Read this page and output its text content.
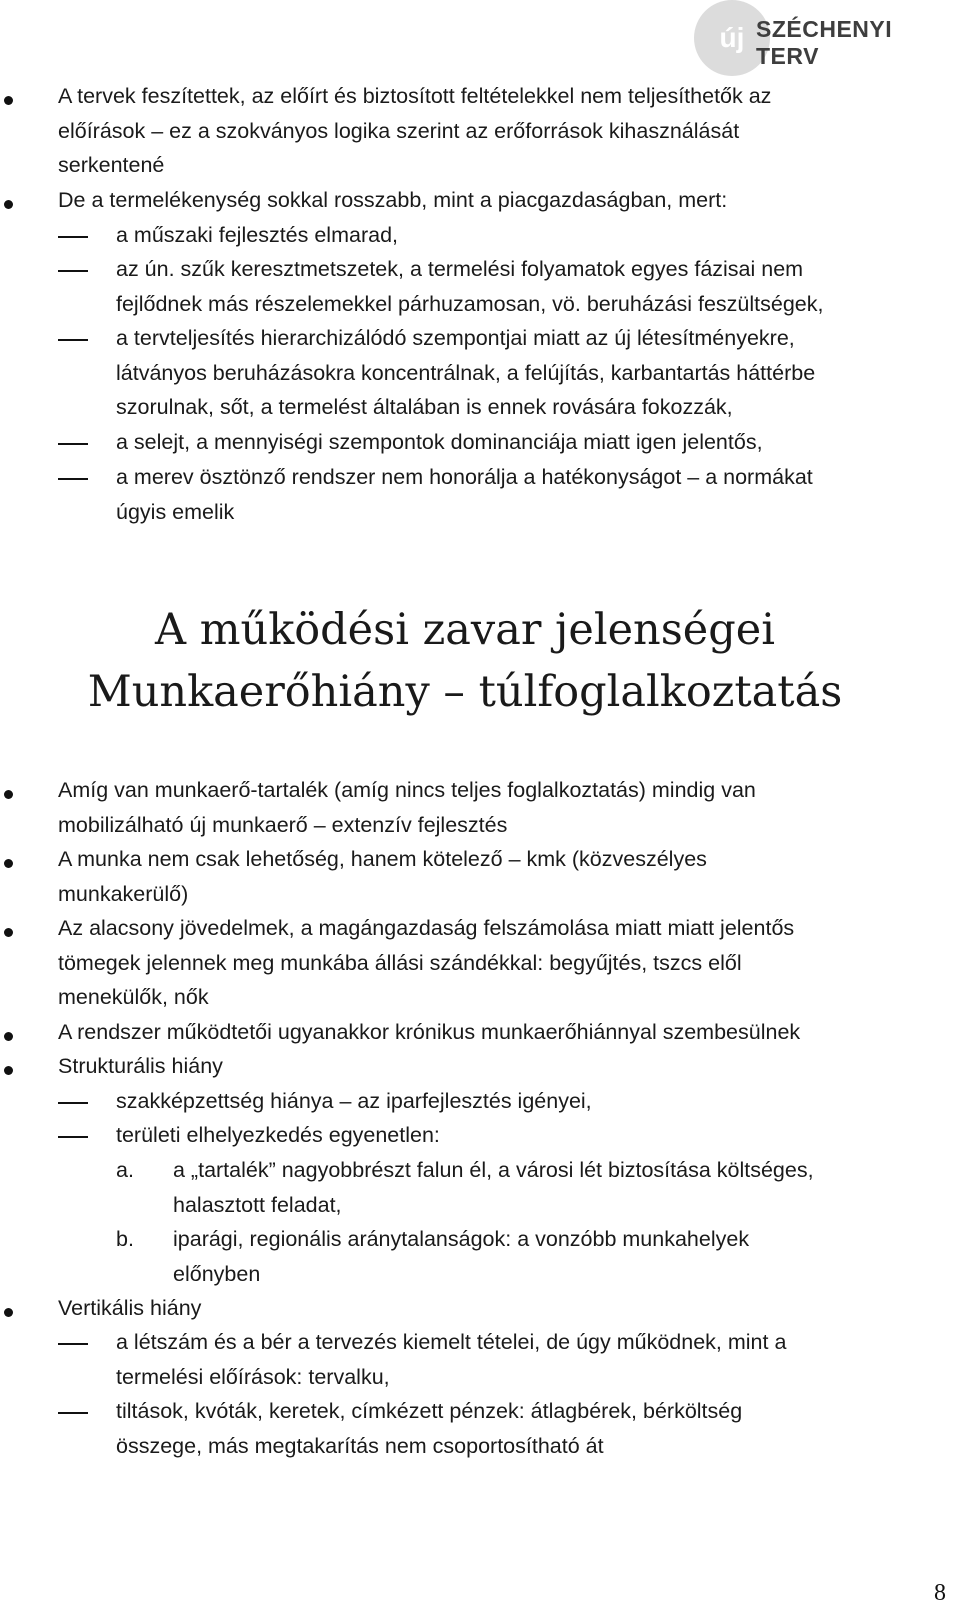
új SZÉCHENYI TERV
A tervek feszítettek, az előírt és biztosított feltételekkel nem teljesíthetők az
előírások – ez a szokványos logika szerint az erőforrások kihasználását
serkentené
De a termelékenység sokkal rosszabb, mint a piacgazdaságban, mert:
a műszaki fejlesztés elmarad,
az ún. szűk keresztmetszetek, a termelési folyamatok egyes fázisai nem
fejlődnek más részelemekkel párhuzamosan, vö. beruházási feszültségek,
a tervteljesítés hierarchizálódó szempontjai miatt az új létesítményekre,
látványos beruházásokra koncentrálnak, a felújítás, karbantartás háttérbe
szorulnak, sőt, a termelést általában is ennek rovására fokozzák,
a selejt, a mennyiségi szempontok dominanciája miatt igen jelentős,
a merev ösztönző rendszer nem honorálja a hatékonyságot – a normákat
úgyis emelik
A működési zavar jelenségei
Munkaerőhiány – túlfoglalkoztatás
Amíg van munkaerő-tartalék (amíg nincs teljes foglalkoztatás) mindig van
mobilizálható új munkaerő – extenzív fejlesztés
A munka nem csak lehetőség, hanem kötelező – kmk (közveszélyes
munkakerülő)
Az alacsony jövedelmek, a magángazdaság felszámolása miatt miatt jelentős
tömegek jelennek meg munkába állási szándékkal: begyűjtés, tszcs elől
menekülők, nők
A rendszer működtetői ugyanakkor krónikus munkaerőhiánnyal szembesülnek
Strukturális hiány
szakképzettség hiánya – az iparfejlesztés igényei,
területi elhelyezkedés egyenetlen:
a. a „tartalék” nagyobbrészt falun él, a városi lét biztosítása költséges,
halasztott feladat,
b. iparági, regionális aránytalanságok: a vonzóbb munkahelyek
előnyben
Vertikális hiány
a létszám és a bér a tervezés kiemelt tételei, de úgy működnek, mint a
termelési előírások: tervalku,
tiltások, kvóták, keretek, címkézett pénzek: átlagbérek, bérköltség
összege, más megtakarítás nem csoportosítható át
8
